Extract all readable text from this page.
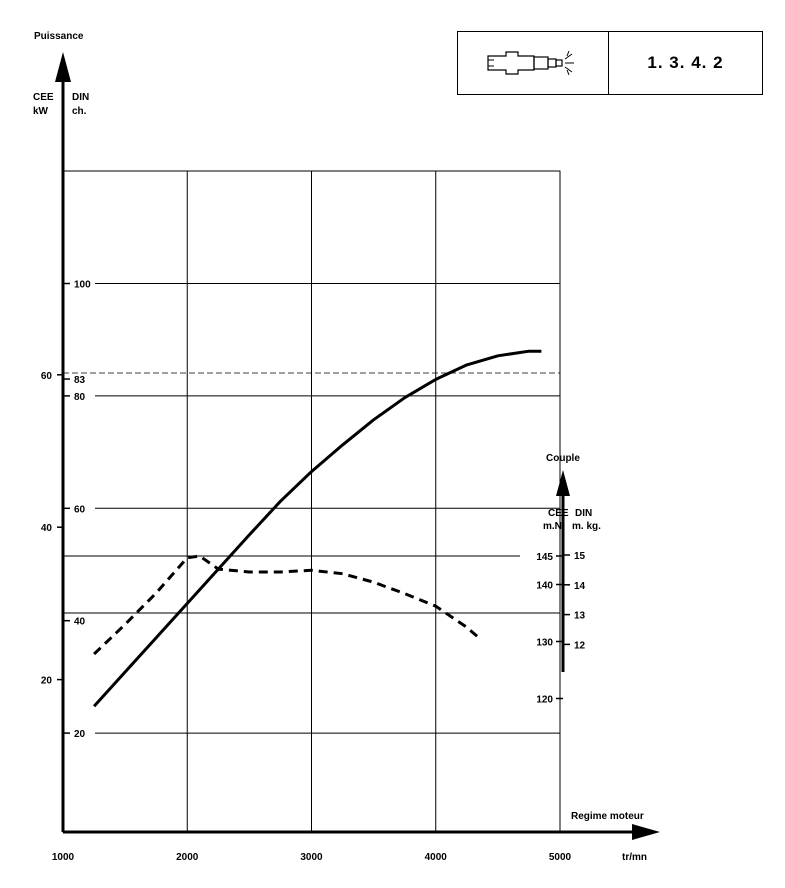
1. 3. 4. 2
1000	2000	3000	4000	5000
20
40
60
20
40
60
80
83
100
120
130
140
145
12
13
14
15
Puissance
CEE
kW
DIN
ch.
Couple
CEE
m.N.
DIN
m. kg.
Regime moteur
tr/mn
